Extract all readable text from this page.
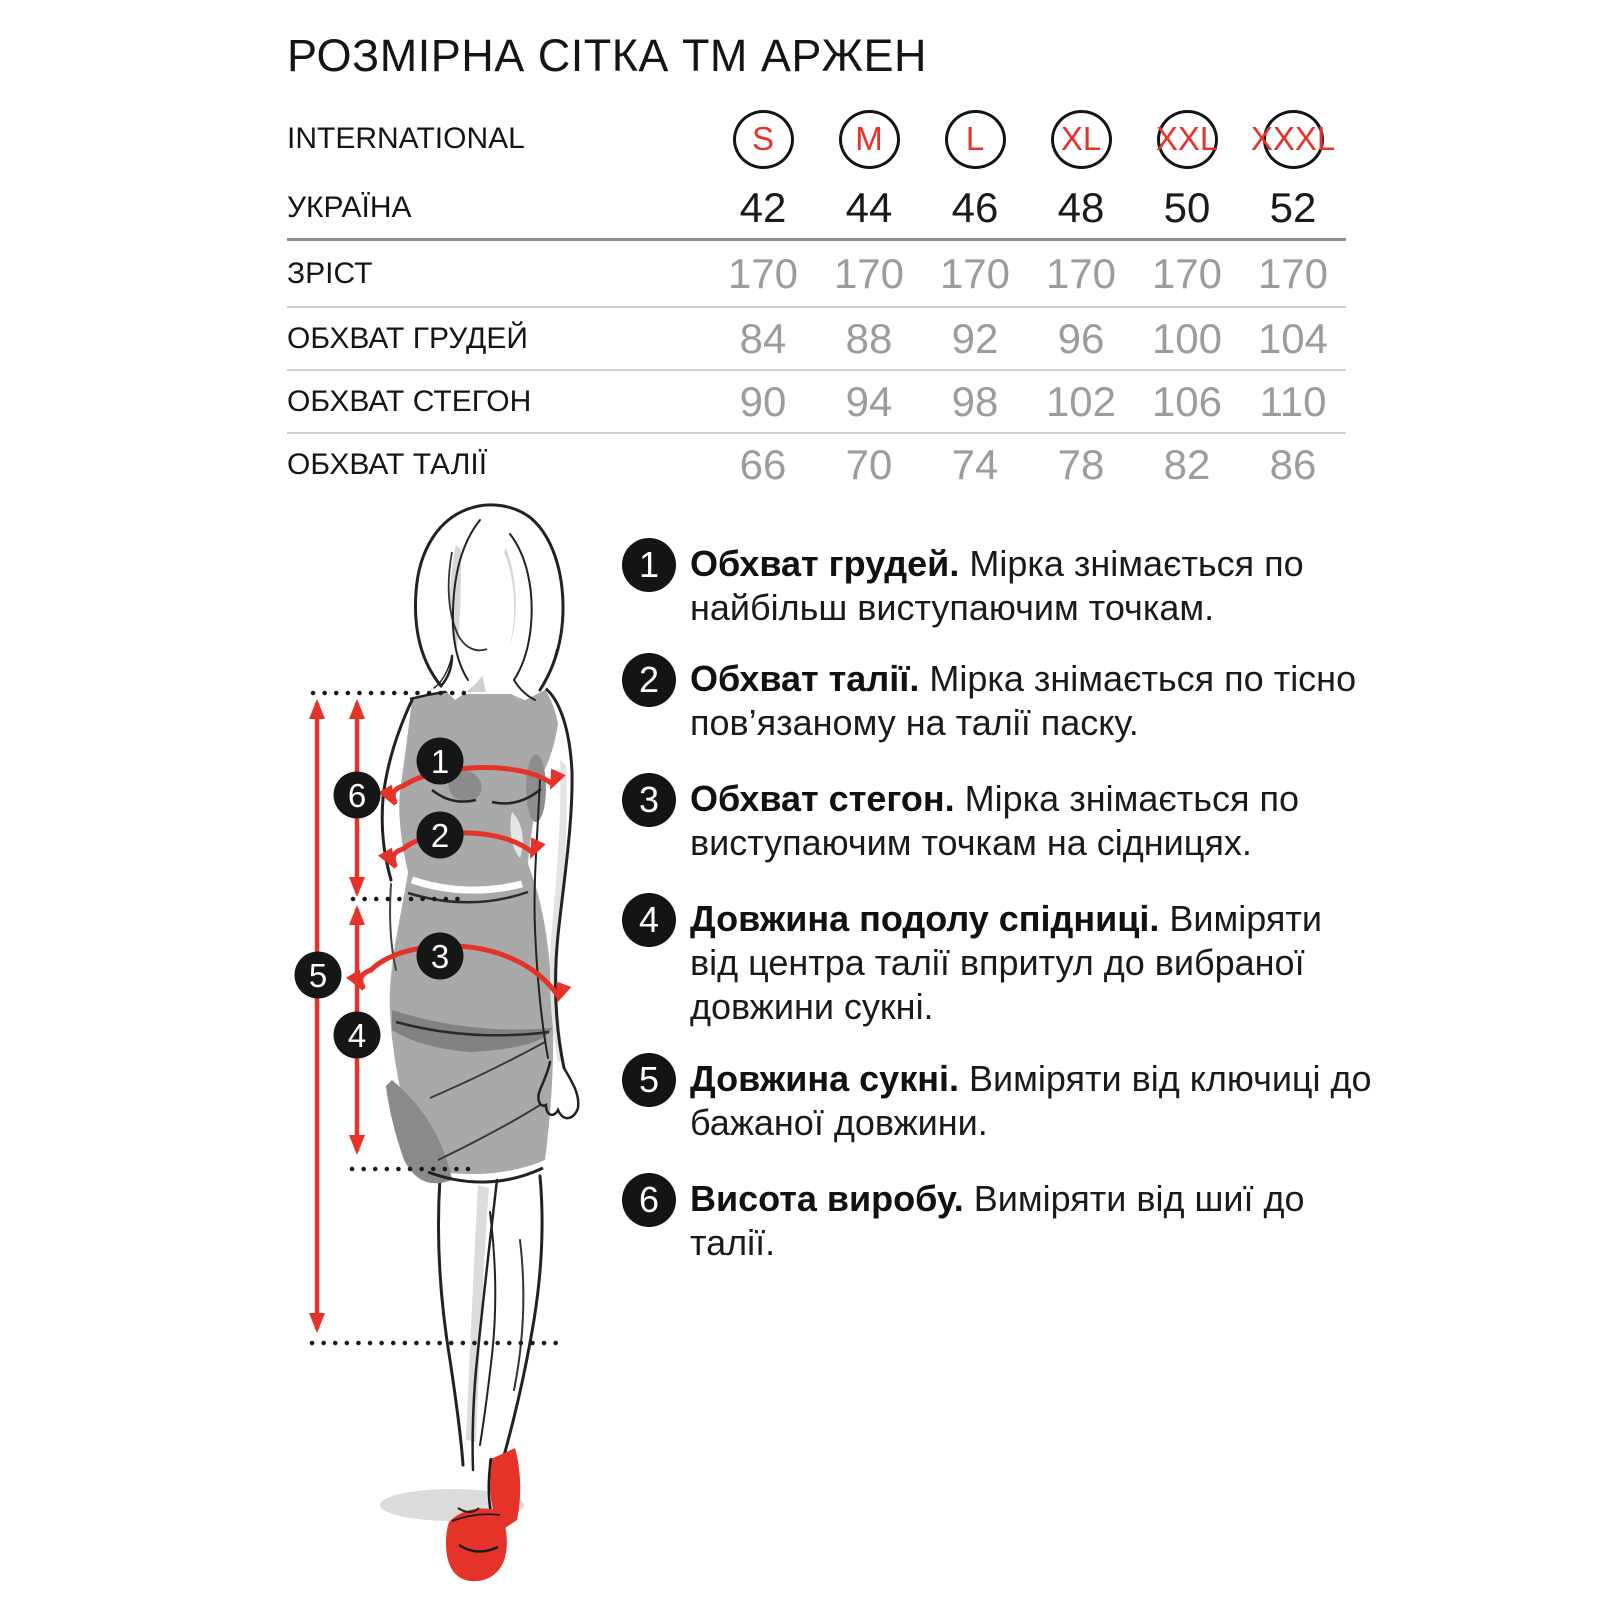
РОЗМІРНА СІТКА ТМ АРЖЕН
INTERNATIONAL	S M	L XL XXL XXXL
УКРАЇНА	42	44	46	48	50	52
ЗРІСТ	170 170 170 170 170 170
ОБХВАТ ГРУДЕЙ	84	88	92	96	100 104
ОБХВАТ СТЕГОН	90	94	98	102 106 110
ОБХВАТ ТАЛІЇ	66	70	74	78	82	86
1
2
3
4
5
6
1 Обхват грудей. Мірка знімається по найбільш виступаючим точкам.
2 Обхват талії. Мірка знімається по тісно пов’язаному на талії паску.
3 Обхват стегон. Мірка знімається по виступаючим точкам на сідницях.
4 Довжина подолу спідниці. Виміряти від центра талії впритул до вибраної довжини сукні.
5 Довжина сукні. Виміряти від ключиці до бажаної довжини.
6 Висота виробу. Виміряти від шиї до талії.
